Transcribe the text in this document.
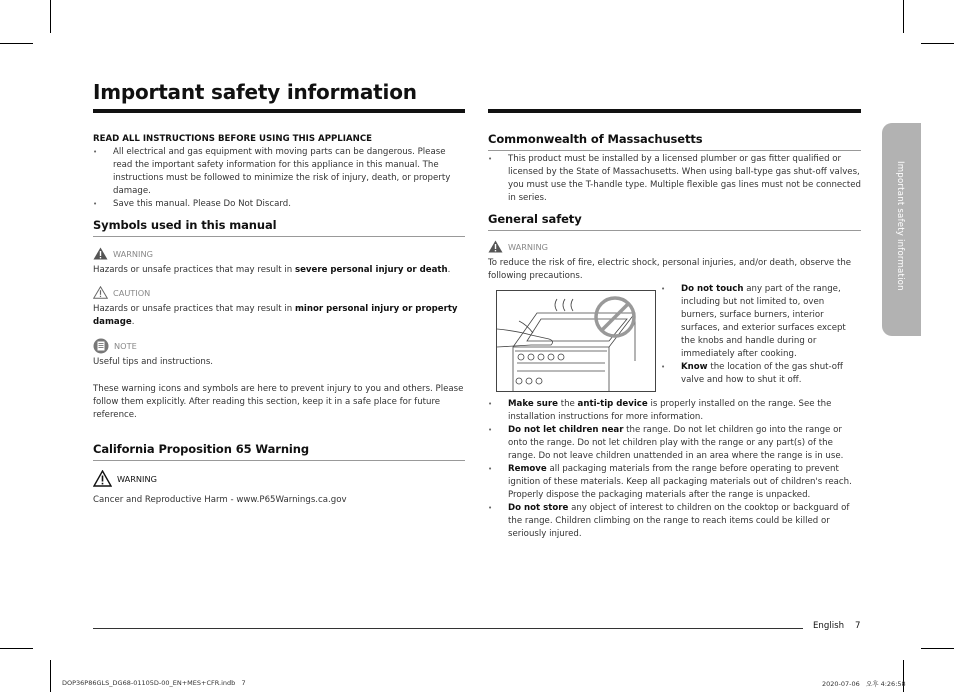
Important safety information
READ ALL INSTRUCTIONS BEFORE USING THIS APPLIANCE
• All electrical and gas equipment with moving parts can be dangerous. Please read the important safety information for this appliance in this manual. The instructions must be followed to minimize the risk of injury, death, or property damage.
• Save this manual. Please Do Not Discard.
Symbols used in this manual
WARNING
Hazards or unsafe practices that may result in severe personal injury or death.
CAUTION
Hazards or unsafe practices that may result in minor personal injury or property damage.
NOTE
Useful tips and instructions.
These warning icons and symbols are here to prevent injury to you and others. Please follow them explicitly. After reading this section, keep it in a safe place for future reference.
California Proposition 65 Warning
WARNING
Cancer and Reproductive Harm - www.P65Warnings.ca.gov
Commonwealth of Massachusetts
• This product must be installed by a licensed plumber or gas fitter qualified or licensed by the State of Massachusetts. When using ball-type gas shut-off valves, you must use the T-handle type. Multiple flexible gas lines must not be connected in series.
General safety
WARNING
To reduce the risk of fire, electric shock, personal injuries, and/or death, observe the following precautions.
• Do not touch any part of the range, including but not limited to, oven burners, surface burners, interior surfaces, and exterior surfaces except the knobs and handle during or immediately after cooking.
• Know the location of the gas shut-off valve and how to shut it off.
• Make sure the anti-tip device is properly installed on the range. See the installation instructions for more information.
• Do not let children near the range. Do not let children go into the range or onto the range. Do not let children play with the range or any part(s) of the range. Do not leave children unattended in an area where the range is in use.
• Remove all packaging materials from the range before operating to prevent ignition of these materials. Keep all packaging materials out of children's reach. Properly dispose the packaging materials after the range is unpacked.
• Do not store any object of interest to children on the cooktop or backguard of the range. Children climbing on the range to reach items could be killed or seriously injured.
Important safety information
English 7
DOP36P86GLS_DG68-01105D-00_EN+MES+CFR.indb   7	2020-07-06   오후 4:26:58
